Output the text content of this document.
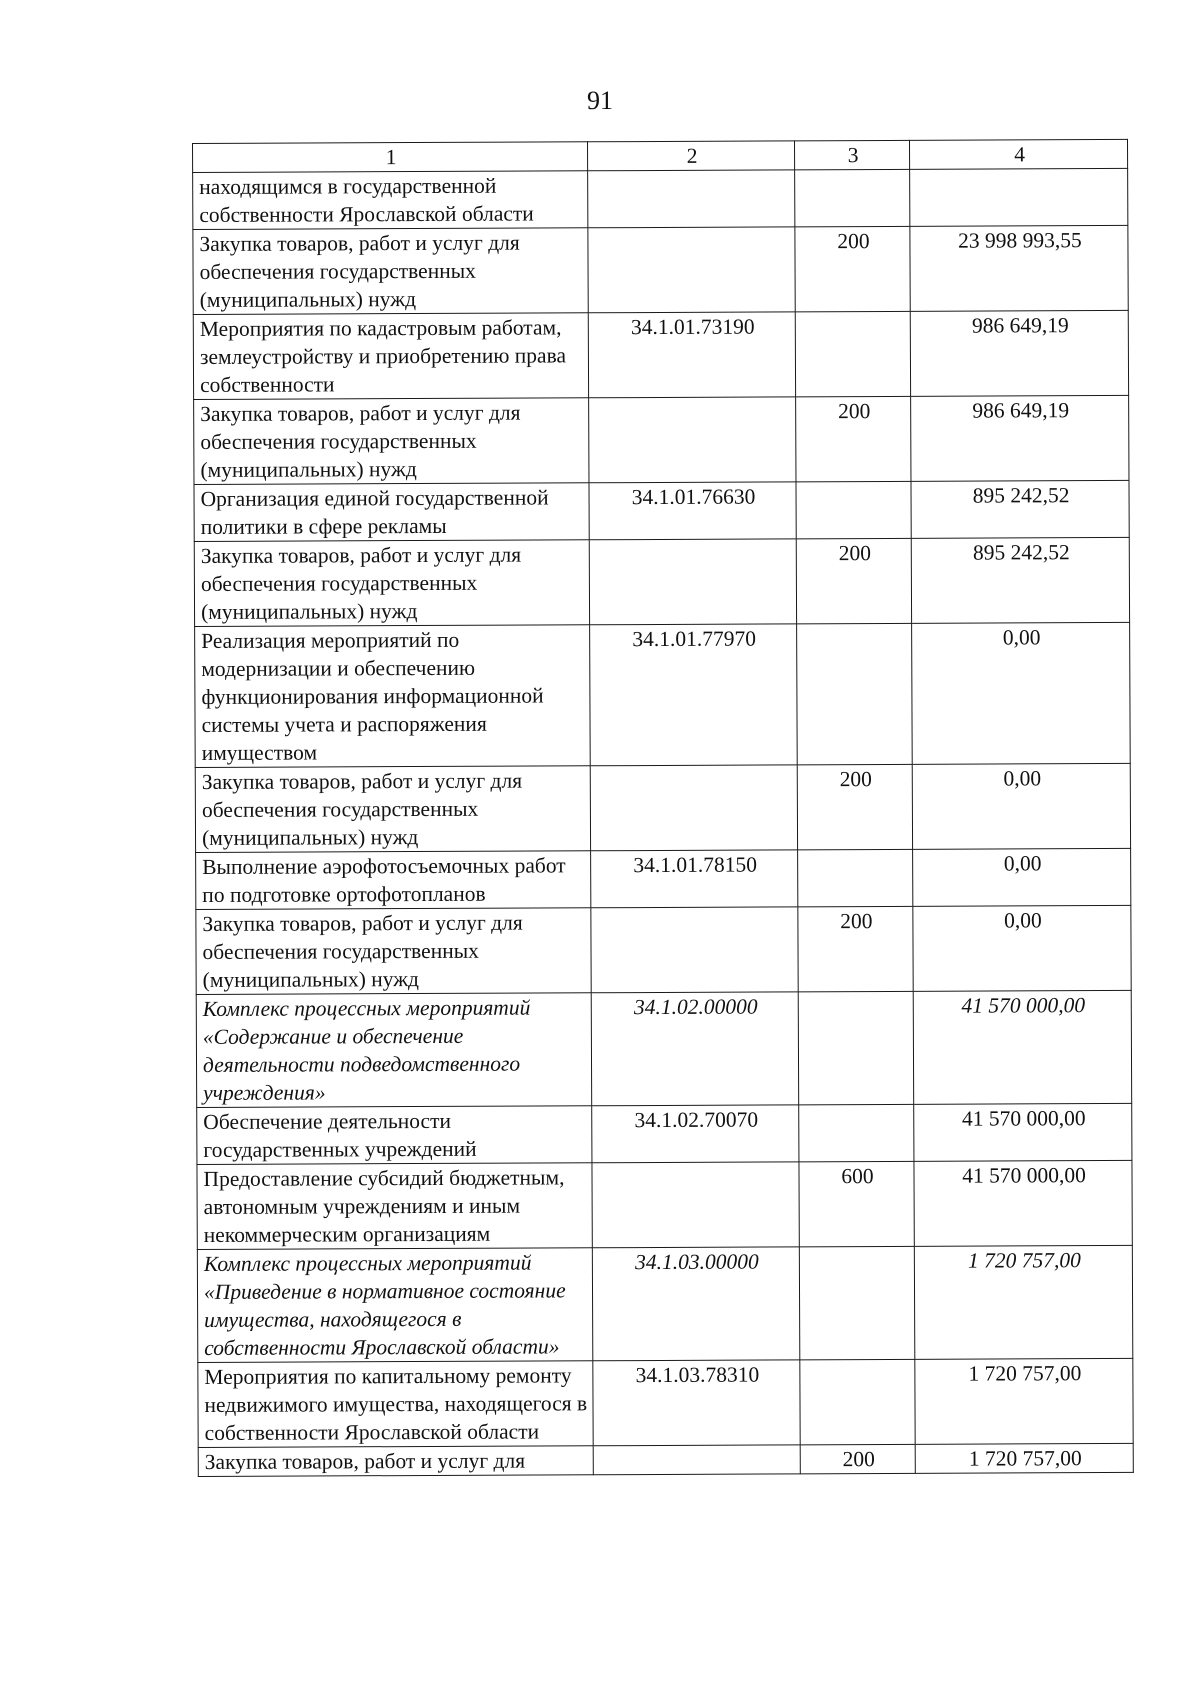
91
1	2	3	4
находящимся в государственной собственности Ярославской области			
Закупка товаров, работ и услуг для обеспечения государственных (муниципальных) нужд		200	23 998 993,55
Мероприятия по кадастровым работам, землеустройству и приобретению права собственности	34.1.01.73190		986 649,19
Закупка товаров, работ и услуг для обеспечения государственных (муниципальных) нужд		200	986 649,19
Организация единой государственной политики в сфере рекламы	34.1.01.76630		895 242,52
Закупка товаров, работ и услуг для обеспечения государственных (муниципальных) нужд		200	895 242,52
Реализация мероприятий по модернизации и обеспечению функционирования информационной системы учета и распоряжения имуществом	34.1.01.77970		0,00
Закупка товаров, работ и услуг для обеспечения государственных (муниципальных) нужд		200	0,00
Выполнение аэрофотосъемочных работ по подготовке ортофотопланов	34.1.01.78150		0,00
Закупка товаров, работ и услуг для обеспечения государственных (муниципальных) нужд		200	0,00
Комплекс процессных мероприятий «Содержание и обеспечение деятельности подведомственного учреждения»	34.1.02.00000		41 570 000,00
Обеспечение деятельности государственных учреждений	34.1.02.70070		41 570 000,00
Предоставление субсидий бюджетным, автономным учреждениям и иным некоммерческим организациям		600	41 570 000,00
Комплекс процессных мероприятий «Приведение в нормативное состояние имущества, находящегося в собственности Ярославской области»	34.1.03.00000		1 720 757,00
Мероприятия по капитальному ремонту недвижимого имущества, находящегося в собственности Ярославской области	34.1.03.78310		1 720 757,00
Закупка товаров, работ и услуг для		200	1 720 757,00
